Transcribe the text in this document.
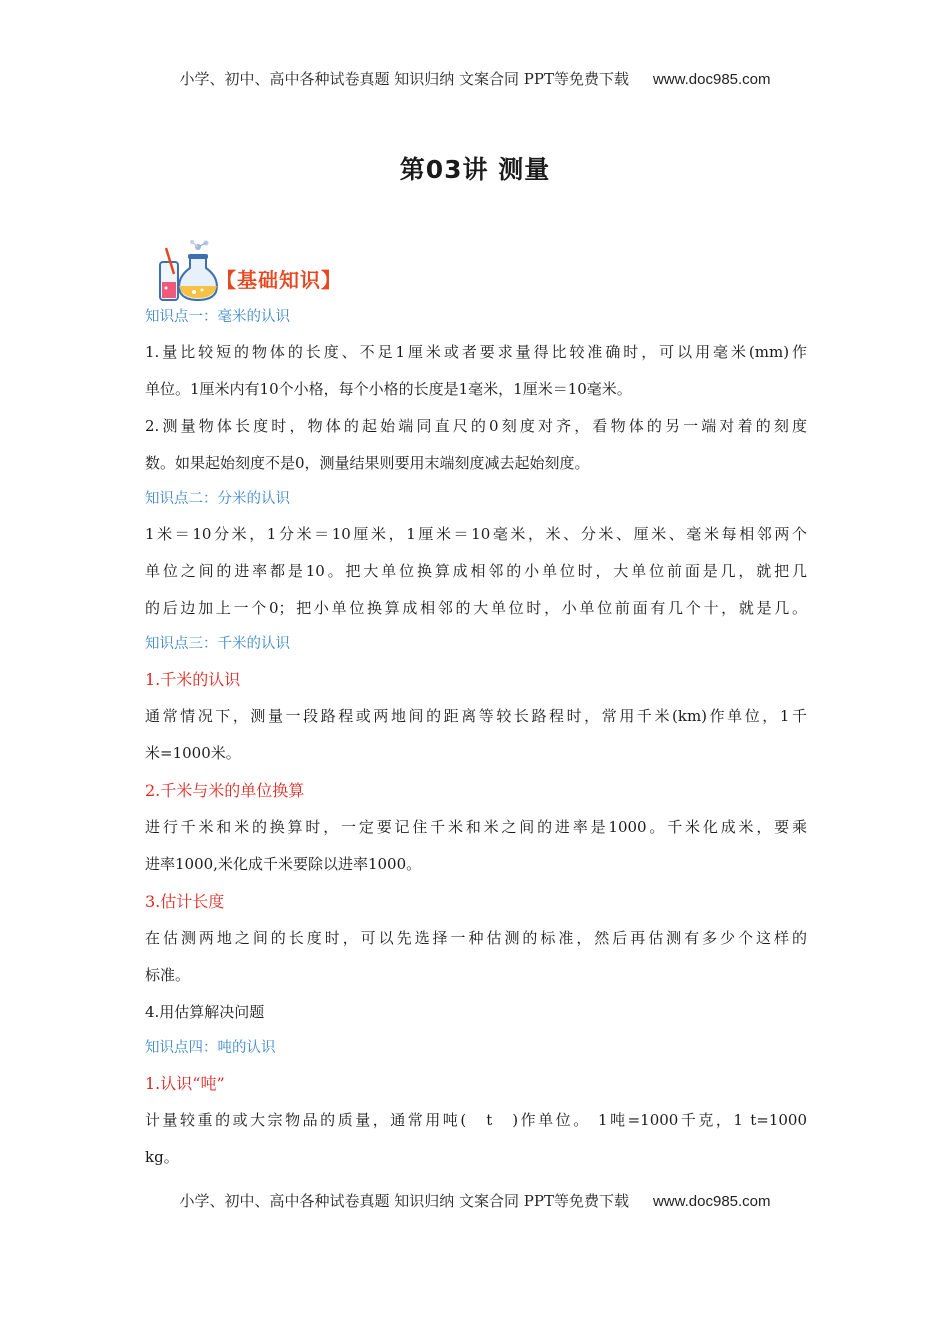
小学、初中、高中各种试卷真题 知识归纳 文案合同 PPT等免费下载 www.doc985.com
第03讲 测量
【基础知识】
知识点一：毫米的认识
1.量比较短的物体的长度、不足1厘米或者要求量得比较准确时，可以用毫米(mm)作
单位。1厘米内有10个小格，每个小格的长度是1毫米，1厘米＝10毫米。
2.测量物体长度时，物体的起始端同直尺的0刻度对齐，看物体的另一端对着的刻度
数。如果起始刻度不是0，测量结果则要用末端刻度减去起始刻度。
知识点二：分米的认识
1米＝10分米，1分米＝10厘米，1厘米＝10毫米，米、分米、厘米、毫米每相邻两个
单位之间的进率都是10。把大单位换算成相邻的小单位时，大单位前面是几，就把几
的后边加上一个0；把小单位换算成相邻的大单位时，小单位前面有几个十，就是几。
知识点三：千米的认识
1.千米的认识
通常情况下，测量一段路程或两地间的距离等较长路程时，常用千米(km)作单位，1千
米=1000米。
2.千米与米的单位换算
进行千米和米的换算时，一定要记住千米和米之间的进率是1000。千米化成米，要乘
进率1000,米化成千米要除以进率1000。
3.估计长度
在估测两地之间的长度时，可以先选择一种估测的标准，然后再估测有多少个这样的
标准。
4.用估算解决问题
知识点四：吨的认识
1.认识“吨”
计量较重的或大宗物品的质量，通常用吨(　t　)作单位。 1吨=1000千克，1 t=1000
kg。
小学、初中、高中各种试卷真题 知识归纳 文案合同 PPT等免费下载 www.doc985.com
